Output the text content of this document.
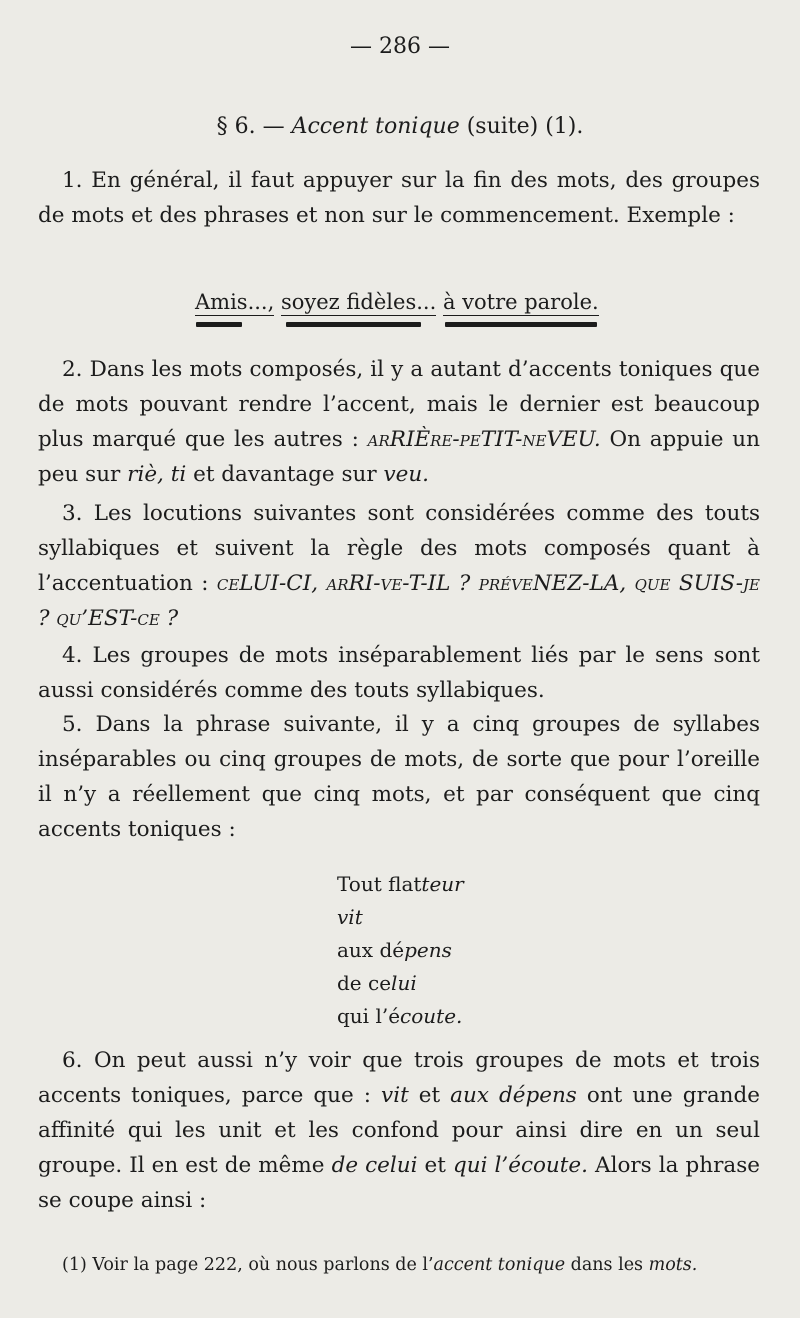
— 286 —
§ 6. — Accent tonique (suite) (1).
1. En général, il faut appuyer sur la fin des mots, des groupes de mots et des phrases et non sur le commencement. Exemple :
Amis..., soyez fidèles... à votre parole.
2. Dans les mots composés, il y a autant d’accents toniques que de mots pouvant rendre l’accent, mais le dernier est beaucoup plus marqué que les autres : arRIÈre-peTIT-neVEU. On appuie un peu sur riè, ti et davantage sur veu.
3. Les locutions suivantes sont considérées comme des touts syllabiques et suivent la règle des mots composés quant à l’accentuation : ceLUI-CI, arRI-ve-T-IL ? préveNEZ-LA, que SUIS-je ? qu’EST-ce ?
4. Les groupes de mots inséparablement liés par le sens sont aussi considérés comme des touts syllabiques.
5. Dans la phrase suivante, il y a cinq groupes de syllabes inséparables ou cinq groupes de mots, de sorte que pour l’oreille il n’y a réellement que cinq mots, et par conséquent que cinq accents toniques :
Tout flatteur
vit
aux dépens
de celui
qui l’écoute.
6. On peut aussi n’y voir que trois groupes de mots et trois accents toniques, parce que : vit et aux dépens ont une grande affinité qui les unit et les confond pour ainsi dire en un seul groupe. Il en est de même de celui et qui l’écoute. Alors la phrase se coupe ainsi :
(1) Voir la page 222, où nous parlons de l’accent tonique dans les mots.
